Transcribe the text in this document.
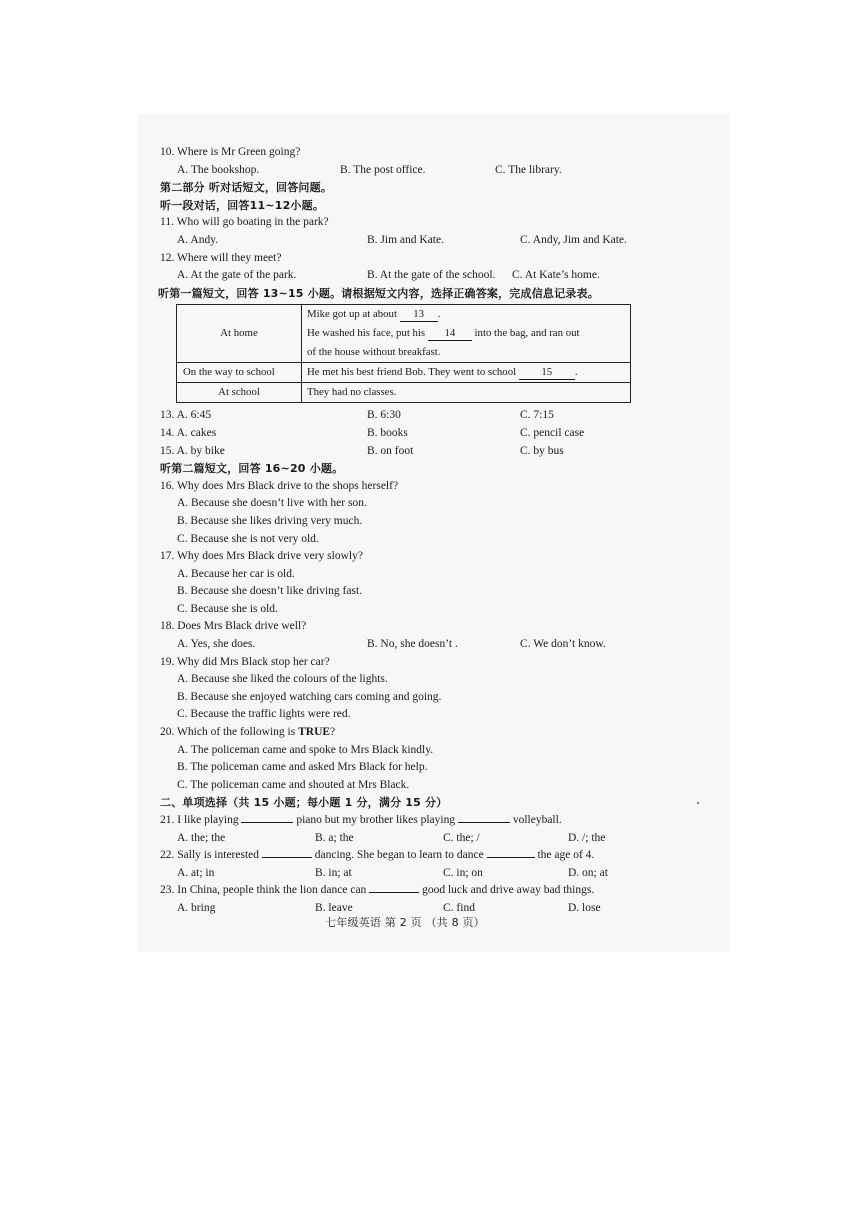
10. Where is Mr Green going?
A. The bookshop.	B. The post office.	C. The library.
第二部分 听对话短文，回答问题。
听一段对话，回答11~12小题。
11. Who will go boating in the park?
A. Andy.	B. Jim and Kate.	C. Andy, Jim and Kate.
12. Where will they meet?
A. At the gate of the park.	B. At the gate of the school. C. At Kate’s home.
听第一篇短文，回答 13~15 小题。请根据短文内容，选择正确答案，完成信息记录表。
At home	Mike got up at about 13 .
He washed his face, put his 14 into the bag, and ran out
of the house without breakfast.

On the way to school	He met his best friend Bob. They went to school 15 .
At school	They had no classes.
13. A. 6:45	B. 6:30	C. 7:15
14. A. cakes	B. books	C. pencil case
15. A. by bike	B. on foot	C. by bus
听第二篇短文，回答 16~20 小题。
16. Why does Mrs Black drive to the shops herself?
A. Because she doesn’t live with her son.
B. Because she likes driving very much.
C. Because she is not very old.
17. Why does Mrs Black drive very slowly?
A. Because her car is old.
B. Because she doesn’t like driving fast.
C. Because she is old.
18. Does Mrs Black drive well?
A. Yes, she does.	B. No, she doesn’t .	C. We don’t know.
19. Why did Mrs Black stop her car?
A. Because she liked the colours of the lights.
B. Because she enjoyed watching cars coming and going.
C. Because the traffic lights were red.
20. Which of the following is TRUE?
A. The policeman came and spoke to Mrs Black kindly.
B. The policeman came and asked Mrs Black for help.
C. The policeman came and shouted at Mrs Black.
二、单项选择（共 15 小题；每小题 1 分，满分 15 分）
21. I like playing	piano but my brother likes playing	volleyball.
A. the; the	B. a; the	C. the; /	D. /; the
22. Sally is interested	dancing. She began to learn to dance	the age of 4.
A. at; in	B. in; at	C. in; on	D. on; at
23. In China, people think the lion dance can	good luck and drive away bad things.
A. bring	B. leave	C. find	D. lose
七年级英语 第 2 页 （共 8 页）
